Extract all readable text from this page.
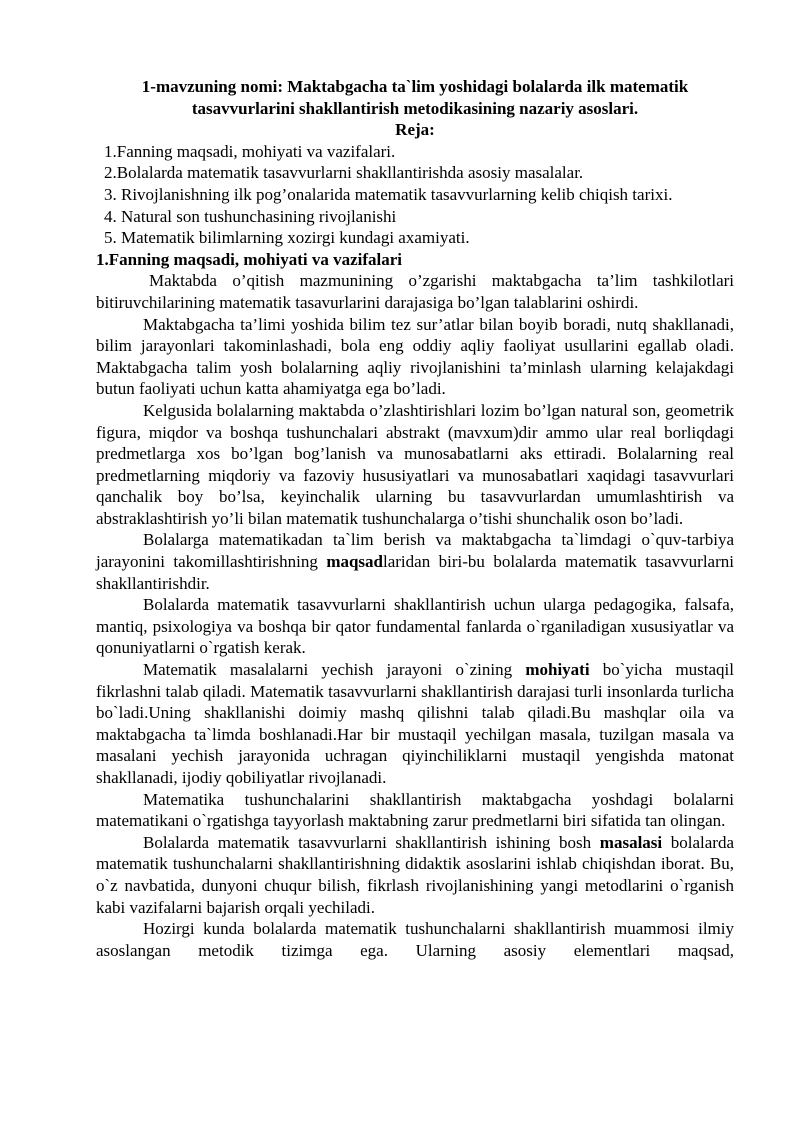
1-mavzuning nomi: Maktabgacha ta`lim yoshidagi bolalarda ilk matematik
tasavvurlarini shakllantirish metodikasining nazariy asoslari.

Reja:

1.Fanning maqsadi, mohiyati va vazifalari.
2.Bolalarda matematik tasavvurlarni shakllantirishda asosiy masalalar.
3. Rivojlanishning ilk pog’onalarida matematik tasavvurlarning kelib chiqish tarixi.
4. Natural son tushunchasining rivojlanishi
5. Matematik bilimlarning xozirgi kundagi axamiyati.

1.Fanning maqsadi, mohiyati va vazifalari

Maktabda o’qitish mazmunining o’zgarishi maktabgacha ta’lim tashkilotlari bitiruvchilarining matematik tasavurlarini darajasiga bo’lgan talablarini oshirdi.

Maktabgacha ta’limi yoshida bilim tez sur’atlar bilan boyib boradi, nutq shakllanadi, bilim jarayonlari takominlashadi, bola eng oddiy aqliy faoliyat usullarini egallab oladi. Maktabgacha talim yosh bolalarning aqliy rivojlanishini ta’minlash ularning kelajakdagi butun faoliyati uchun katta ahamiyatga ega bo’ladi.

Kelgusida bolalarning maktabda o’zlashtirishlari lozim bo’lgan natural son, geometrik figura, miqdor va boshqa tushunchalari abstrakt (mavxum)dir ammo ular real borliqdagi predmetlarga xos bo’lgan bog’lanish va munosabatlarni aks ettiradi. Bolalarning real predmetlarning miqdoriy va fazoviy hususiyatlari va munosabatlari xaqidagi tasavvurlari qanchalik boy bo’lsa, keyinchalik ularning bu tasavvurlardan umumlashtirish va abstraklashtirish yo’li bilan matematik tushunchalarga o’tishi shunchalik oson bo’ladi.

Bolalarga matematikadan ta`lim berish va maktabgacha ta`limdagi o`quv-tarbiya jarayonini takomillashtirishning maqsadlaridan biri-bu bolalarda matematik tasavvurlarni shakllantirishdir.

Bolalarda matematik tasavvurlarni shakllantirish uchun ularga pedagogika, falsafa, mantiq, psixologiya va boshqa bir qator fundamental fanlarda o`rganiladigan xususiyatlar va qonuniyatlarni o`rgatish kerak.

Matematik masalalarni yechish jarayoni o`zining mohiyati bo`yicha mustaqil fikrlashni talab qiladi. Matematik tasavvurlarni shakllantirish darajasi turli insonlarda turlicha bo`ladi.Uning shakllanishi doimiy mashq qilishni talab qiladi.Bu mashqlar oila va maktabgacha ta`limda boshlanadi.Har bir mustaqil yechilgan masala, tuzilgan masala va masalani yechish jarayonida uchragan qiyinchiliklarni mustaqil yengishda matonat shakllanadi, ijodiy qobiliyatlar rivojlanadi.

Matematika tushunchalarini shakllantirish maktabgacha yoshdagi bolalarni matematikani o`rgatishga tayyorlash maktabning zarur predmetlarni biri sifatida tan olingan.

Bolalarda matematik tasavvurlarni shakllantirish ishining bosh masalasi bolalarda matematik tushunchalarni shakllantirishning didaktik asoslarini ishlab chiqishdan iborat. Bu, o`z navbatida, dunyoni chuqur bilish, fikrlash rivojlanishining yangi metodlarini o`rganish kabi vazifalarni bajarish orqali yechiladi.

Hozirgi kunda bolalarda matematik tushunchalarni shakllantirish muammosi ilmiy asoslangan metodik tizimga ega. Ularning asosiy elementlari maqsad,
